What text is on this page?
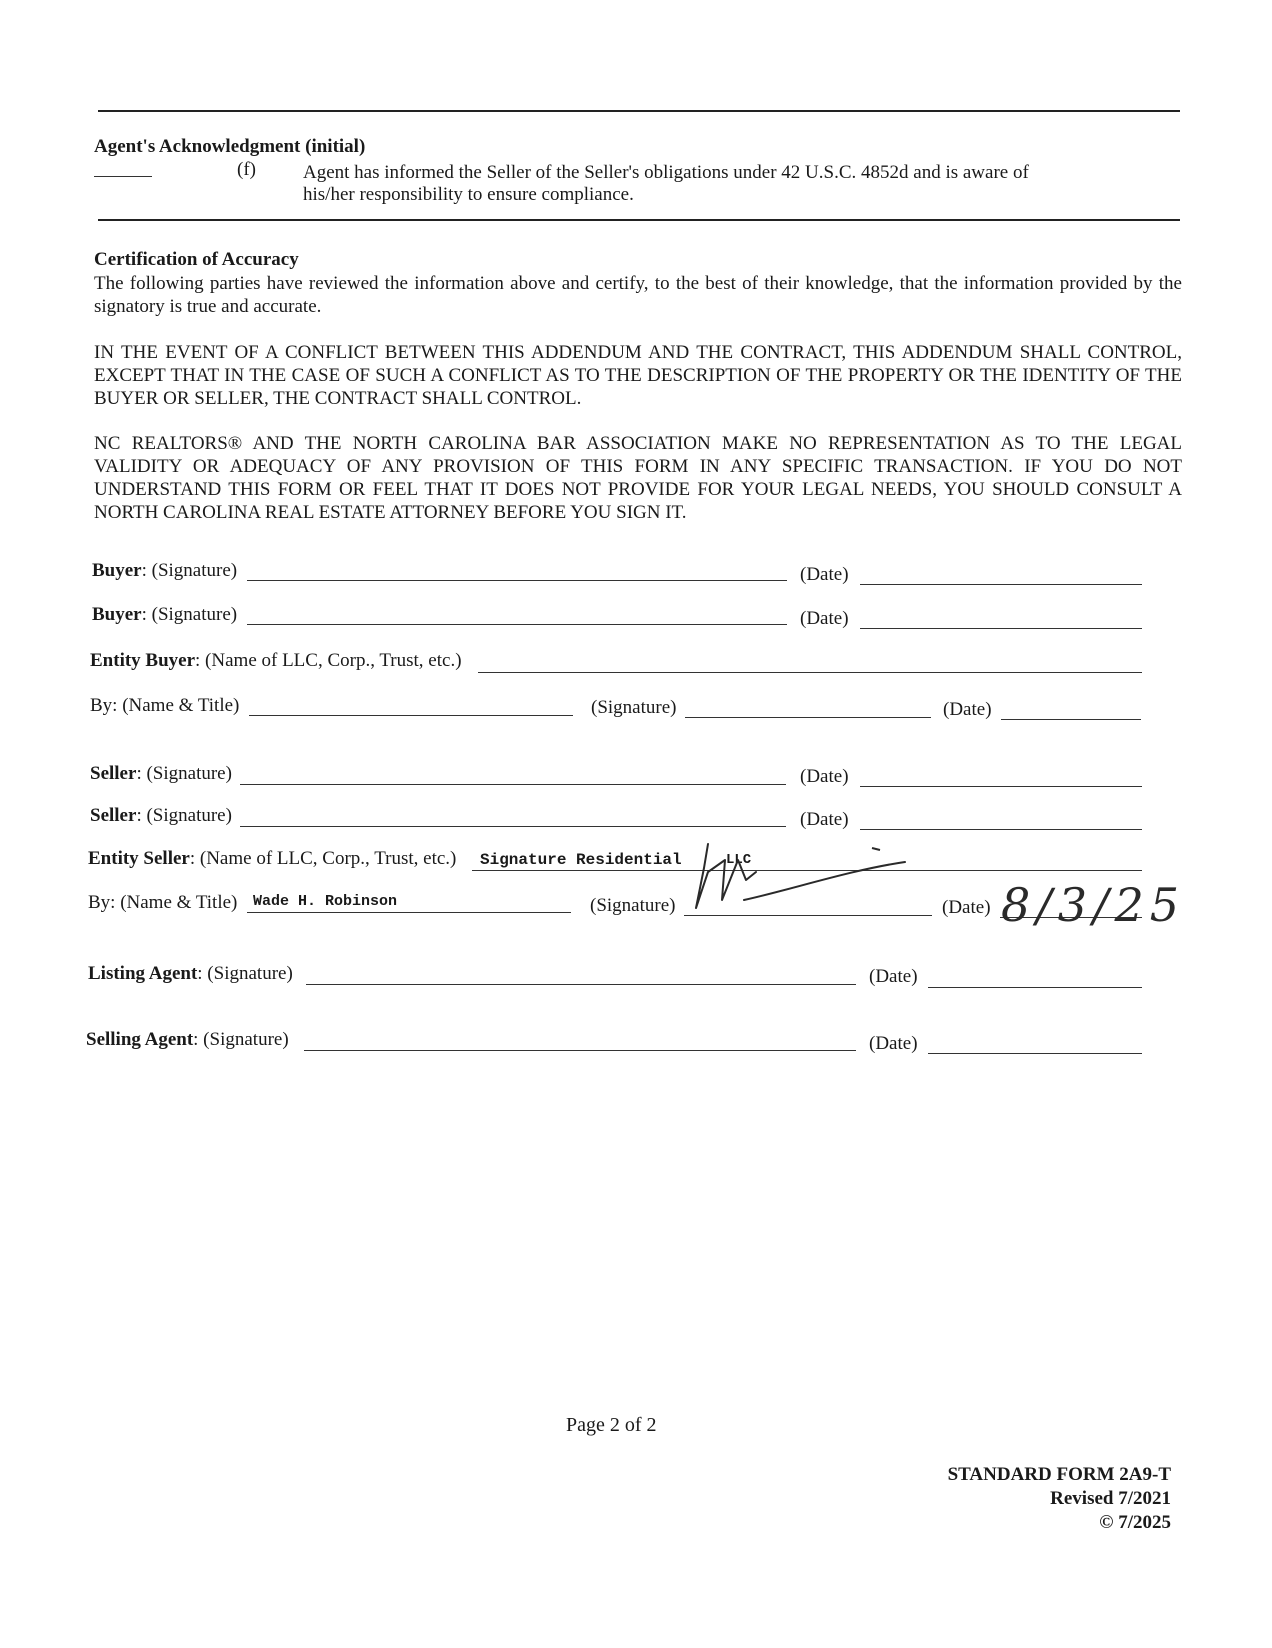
Agent's Acknowledgment (initial)
(f) Agent has informed the Seller of the Seller's obligations under 42 U.S.C. 4852d and is aware of
his/her responsibility to ensure compliance.
Certification of Accuracy
The following parties have reviewed the information above and certify, to the best of their knowledge, that the information provided by the signatory is true and accurate.
IN THE EVENT OF A CONFLICT BETWEEN THIS ADDENDUM AND THE CONTRACT, THIS ADDENDUM SHALL CONTROL, EXCEPT THAT IN THE CASE OF SUCH A CONFLICT AS TO THE DESCRIPTION OF THE PROPERTY OR THE IDENTITY OF THE BUYER OR SELLER, THE CONTRACT SHALL CONTROL.
NC REALTORS® AND THE NORTH CAROLINA BAR ASSOCIATION MAKE NO REPRESENTATION AS TO THE LEGAL VALIDITY OR ADEQUACY OF ANY PROVISION OF THIS FORM IN ANY SPECIFIC TRANSACTION. IF YOU DO NOT UNDERSTAND THIS FORM OR FEEL THAT IT DOES NOT PROVIDE FOR YOUR LEGAL NEEDS, YOU SHOULD CONSULT A NORTH CAROLINA REAL ESTATE ATTORNEY BEFORE YOU SIGN IT.
Buyer: (Signature)	(Date)
Buyer: (Signature)	(Date)
Entity Buyer: (Name of LLC, Corp., Trust, etc.)
By: (Name & Title)	(Signature)	(Date)
Seller: (Signature)	(Date)
Seller: (Signature)	(Date)
Entity Seller: (Name of LLC, Corp., Trust, etc.) Signature Residential	LLC
By: (Name & Title) Wade H. Robinson	(Signature)	(Date)
Listing Agent: (Signature)	(Date)
Selling Agent: (Signature)	(Date)
8/3/25
Page 2 of 2
STANDARD FORM 2A9-T
Revised 7/2021
© 7/2025
